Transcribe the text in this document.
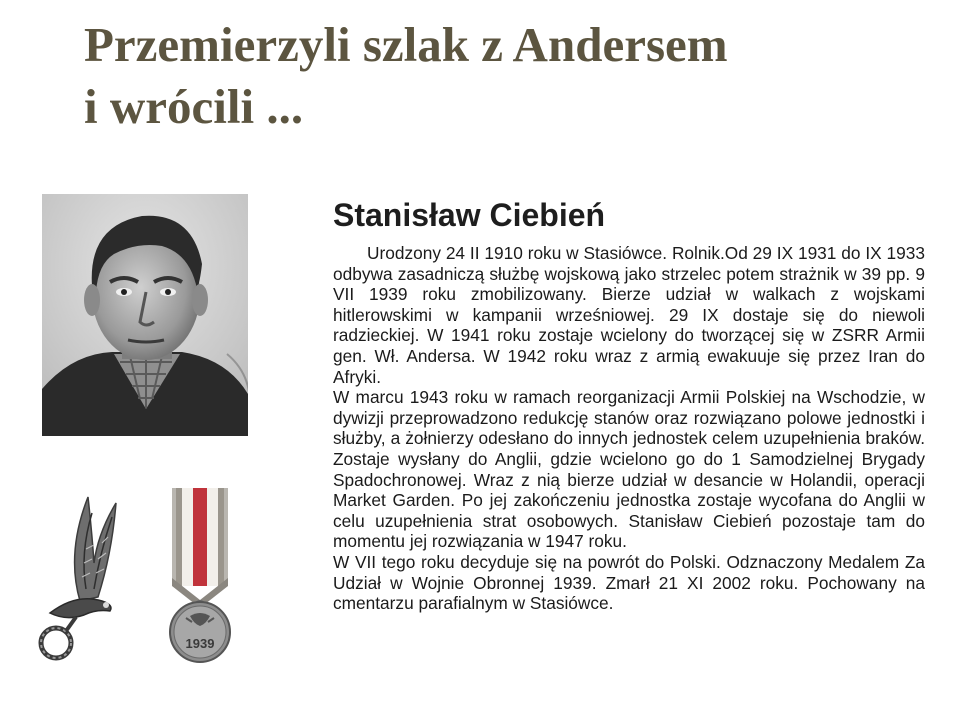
Przemierzyli szlak z Andersem
i wrócili ...
1939
Stanisław Ciebień

Urodzony 24 II 1910 roku w Stasiówce. Rolnik.Od 29 IX 1931 do IX 1933 odbywa zasadniczą służbę wojskową jako strzelec potem strażnik w 39 pp. 9 VII 1939 roku zmobilizowany. Bierze udział w walkach z wojskami hitlerowskimi w kampanii wrześniowej. 29 IX dostaje się do niewoli radzieckiej. W 1941 roku zostaje wcielony do tworzącej się w ZSRR Armii gen. Wł. Andersa. W 1942 roku wraz z armią ewakuuje się przez Iran do Afryki.

W marcu 1943 roku w ramach reorganizacji Armii Polskiej na Wschodzie, w dywizji przeprowadzono redukcję stanów oraz rozwiązano polowe jednostki i służby, a żołnierzy odesłano do innych jednostek celem uzupełnienia braków. Zostaje wysłany do Anglii, gdzie wcielono go do 1 Samodzielnej Brygady Spadochronowej. Wraz z nią bierze udział w desancie w Holandii, operacji Market Garden. Po jej zakończeniu jednostka zostaje wycofana do Anglii w celu uzupełnienia strat osobowych. Stanisław Ciebień pozostaje tam do momentu jej rozwiązania w 1947 roku.

W VII tego roku decyduje się na powrót do Polski. Odznaczony Medalem Za Udział w Wojnie Obronnej 1939. Zmarł 21 XI 2002 roku. Pochowany na cmentarzu parafialnym w Stasiówce.
